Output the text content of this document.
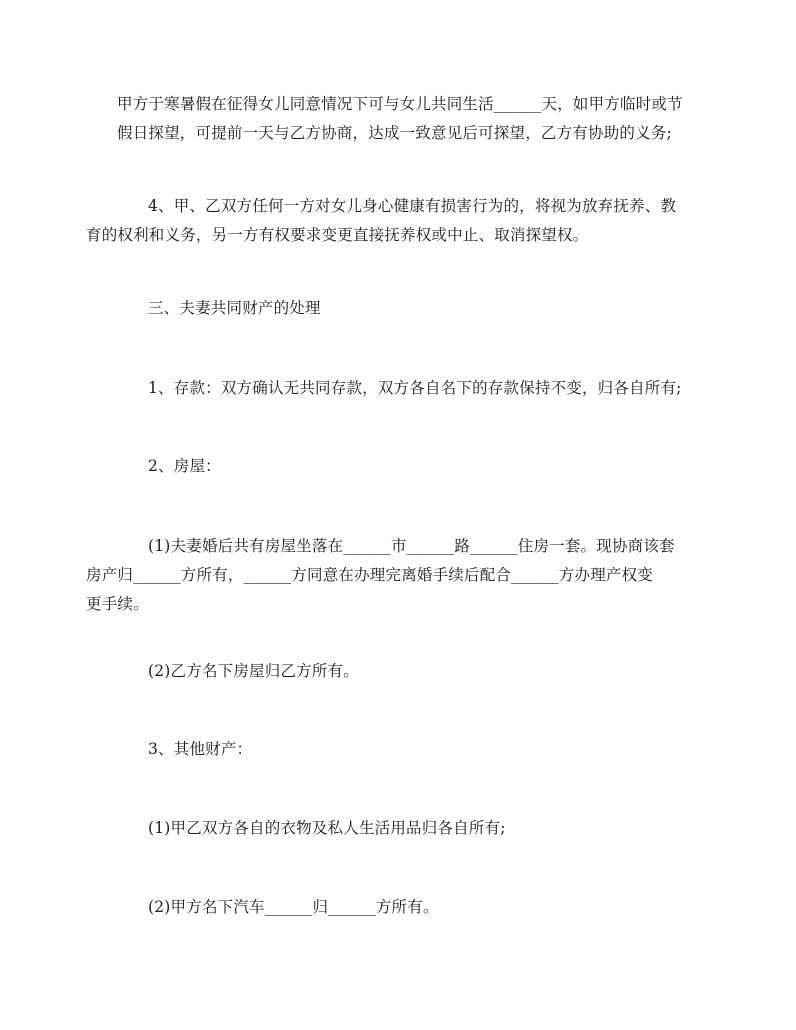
甲方于寒暑假在征得女儿同意情况下可与女儿共同生活______天，如甲方临时或节
假日探望，可提前一天与乙方协商，达成一致意见后可探望，乙方有协助的义务;

4、甲、乙双方任何一方对女儿身心健康有损害行为的，将视为放弃抚养、教
育的权利和义务，另一方有权要求变更直接抚养权或中止、取消探望权。

三、夫妻共同财产的处理

1、存款：双方确认无共同存款，双方各自名下的存款保持不变，归各自所有;

2、房屋：

(1)夫妻婚后共有房屋坐落在______市______路______住房一套。现协商该套
房产归______方所有，______方同意在办理完离婚手续后配合______方办理产权变
更手续。

(2)乙方名下房屋归乙方所有。

3、其他财产：

(1)甲乙双方各自的衣物及私人生活用品归各自所有;

(2)甲方名下汽车______归______方所有。
